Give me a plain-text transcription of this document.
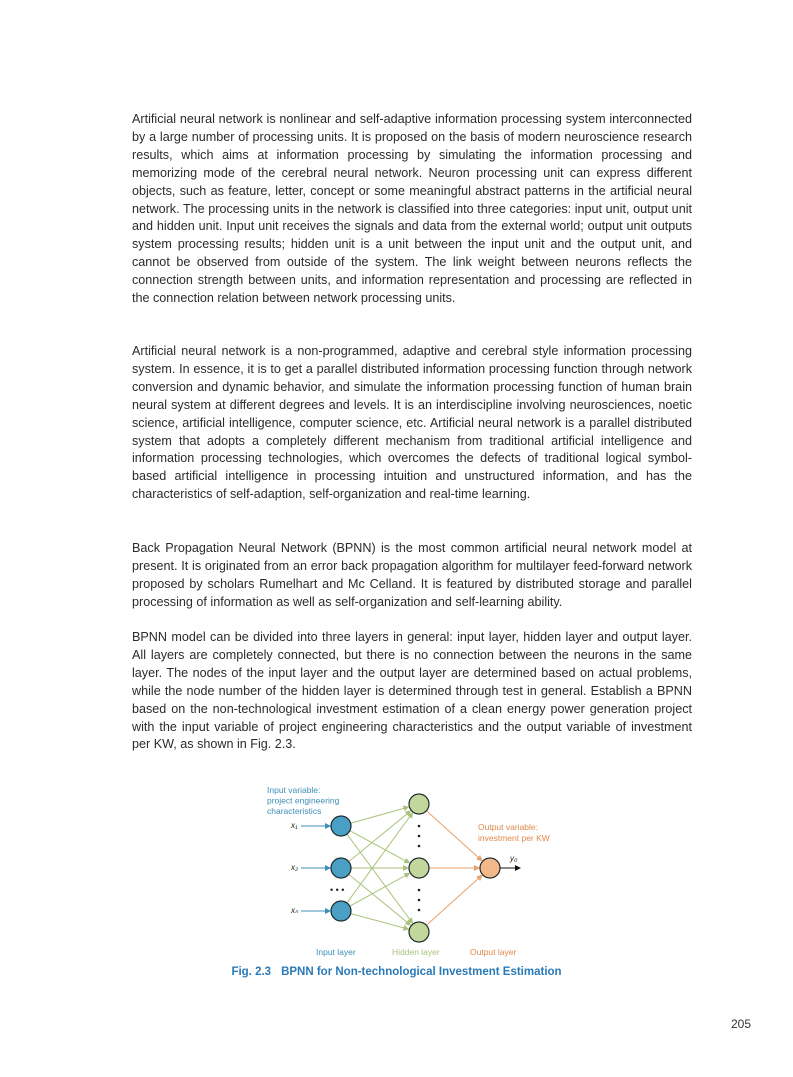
Artificial neural network is nonlinear and self-adaptive information processing system interconnected by a large number of processing units. It is proposed on the basis of modern neuroscience research results, which aims at information processing by simulating the information processing and memorizing mode of the cerebral neural network. Neuron processing unit can express different objects, such as feature, letter, concept or some meaningful abstract patterns in the artificial neural network. The processing units in the network is classified into three categories: input unit, output unit and hidden unit. Input unit receives the signals and data from the external world; output unit outputs system processing results; hidden unit is a unit between the input unit and the output unit, and cannot be observed from outside of the system. The link weight between neurons reflects the connection strength between units, and information representation and processing are reflected in the connection relation between network processing units.

Artificial neural network is a non-programmed, adaptive and cerebral style information processing system. In essence, it is to get a parallel distributed information processing function through network conversion and dynamic behavior, and simulate the information processing function of human brain neural system at different degrees and levels. It is an interdiscipline involving neurosciences, noetic science, artificial intelligence, computer science, etc. Artificial neural network is a parallel distributed system that adopts a completely different mechanism from traditional artificial intelligence and information processing technologies, which overcomes the defects of traditional logical symbol-based artificial intelligence in processing intuition and unstructured information, and has the characteristics of self-adaption, self-organization and real-time learning.

Back Propagation Neural Network (BPNN) is the most common artificial neural network model at present. It is originated from an error back propagation algorithm for multilayer feed-forward network proposed by scholars Rumelhart and Mc Celland. It is featured by distributed storage and parallel processing of information as well as self-organization and self-learning ability.

BPNN model can be divided into three layers in general: input layer, hidden layer and output layer. All layers are completely connected, but there is no connection between the neurons in the same layer. The nodes of the input layer and the output layer are determined based on actual problems, while the node number of the hidden layer is determined through test in general. Establish a BPNN based on the non-technological investment estimation of a clean energy power generation project with the input variable of project engineering characteristics and the output variable of investment per KW, as shown in Fig. 2.3.

Input variable:
project engineering
characteristics
Output variable:
investment per KW
x₁
x₂
xₙ
y₀
• • •
Input layer	Hidden layer	Output layer
Fig. 2.3 BPNN for Non-technological Investment Estimation
205
